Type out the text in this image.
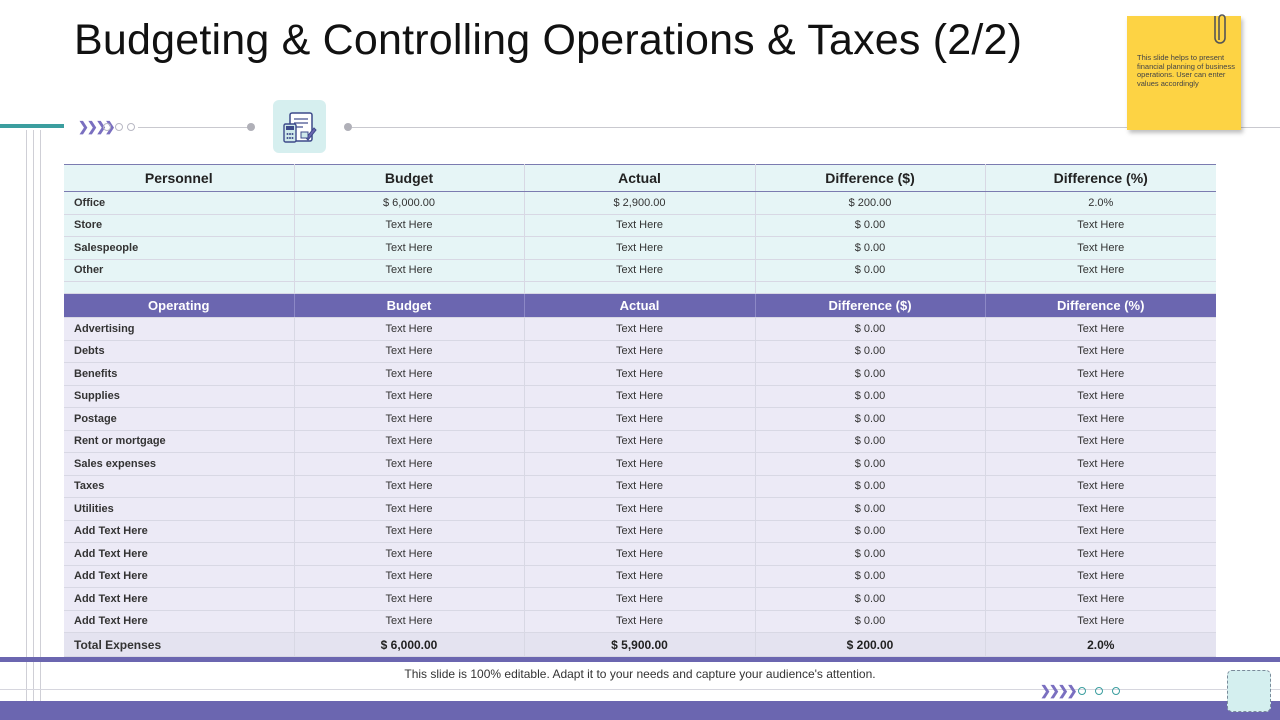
Budgeting & Controlling Operations & Taxes (2/2)
❯❯❯❯
This slide helps to present financial planning of business operations. User can enter values accordingly
Personnel	Budget	Actual	Difference ($)	Difference (%)
Office	$ 6,000.00	$ 2,900.00	$ 200.00	2.0%
Store	Text Here	Text Here	$ 0.00	Text Here
Salespeople	Text Here	Text Here	$ 0.00	Text Here
Other	Text Here	Text Here	$ 0.00	Text Here

Operating	Budget	Actual	Difference ($)	Difference (%)
Advertising	Text Here	Text Here	$ 0.00	Text Here
Debts	Text Here	Text Here	$ 0.00	Text Here
Benefits	Text Here	Text Here	$ 0.00	Text Here
Supplies	Text Here	Text Here	$ 0.00	Text Here
Postage	Text Here	Text Here	$ 0.00	Text Here
Rent or mortgage	Text Here	Text Here	$ 0.00	Text Here
Sales expenses	Text Here	Text Here	$ 0.00	Text Here
Taxes	Text Here	Text Here	$ 0.00	Text Here
Utilities	Text Here	Text Here	$ 0.00	Text Here
Add Text Here	Text Here	Text Here	$ 0.00	Text Here
Add Text Here	Text Here	Text Here	$ 0.00	Text Here
Add Text Here	Text Here	Text Here	$ 0.00	Text Here
Add Text Here	Text Here	Text Here	$ 0.00	Text Here
Add Text Here	Text Here	Text Here	$ 0.00	Text Here
Total Expenses	$ 6,000.00	$ 5,900.00	$ 200.00	2.0%
This slide is 100% editable. Adapt it to your needs and capture your audience's attention.
❯❯❯❯
